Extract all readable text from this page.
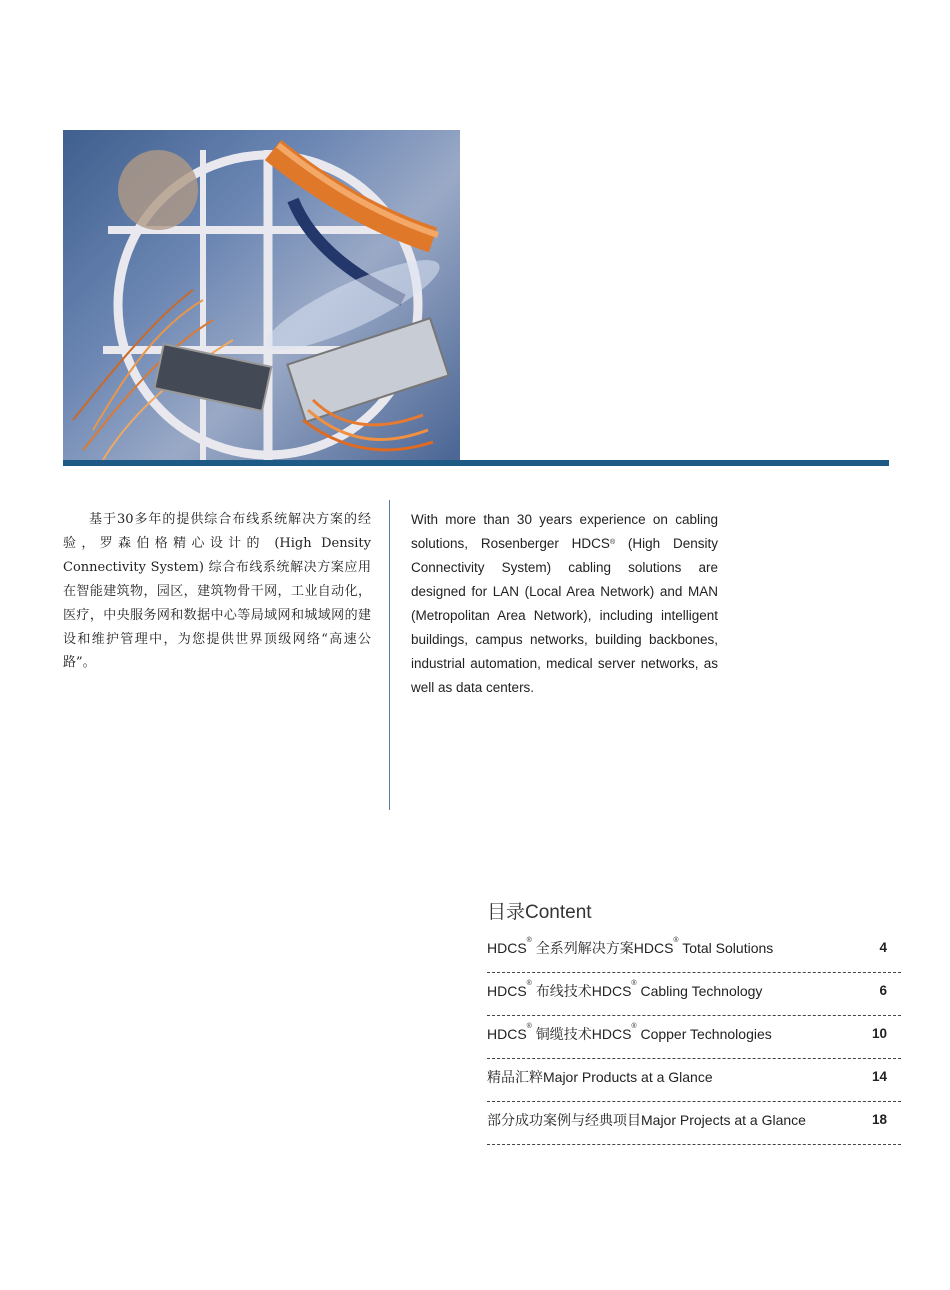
基于30多年的提供综合布线系统解决方案的经验，罗森伯格精心设计的 (High Density Connectivity System) 综合布线系统解决方案应用在智能建筑物，园区，建筑物骨干网，工业自动化，医疗，中央服务网和数据中心等局域网和城域网的建设和维护管理中，为您提供世界顶级网络“高速公路”。

With more than 30 years experience on cabling solutions, Rosenberger HDCS® (High Density Connectivity System) cabling solutions are designed for LAN (Local Area Network) and MAN (Metropolitan Area Network), including intelligent buildings, campus networks, building backbones, industrial automation, medical server networks, as well as data centers.

目录Content
HDCS® 全系列解决方案HDCS® Total Solutions	4
HDCS® 布线技术HDCS® Cabling Technology	6
HDCS® 铜缆技术HDCS® Copper Technologies	10
精品汇粹Major Products at a Glance	14
部分成功案例与经典项目Major Projects at a Glance	18
